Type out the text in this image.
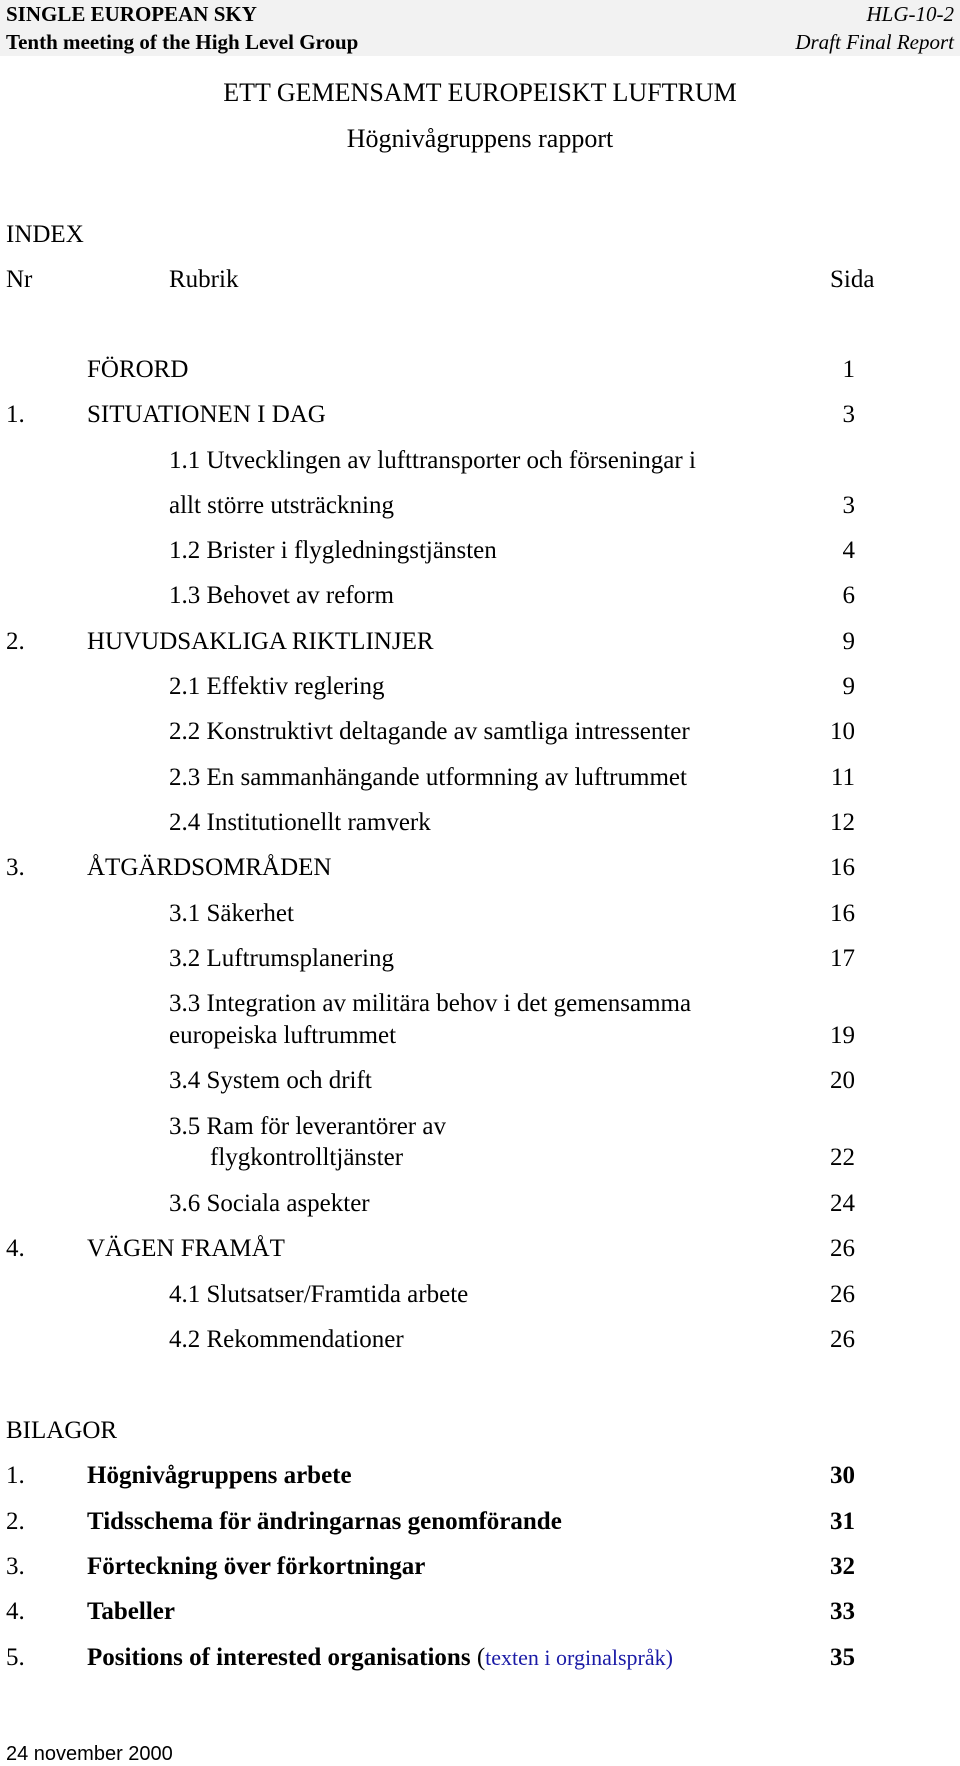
SINGLE EUROPEAN SKY
Tenth meeting of the High Level Group
HLG-10-2
Draft Final Report
ETT GEMENSAMT EUROPEISKT LUFTRUM
Högnivågruppens rapport
INDEX
Nr	Rubrik	Sida
FÖRORD	1
1. SITUATIONEN I DAG	3
1.1 Utvecklingen av lufttransporter och förseningar i
allt större utsträckning	3
1.2 Brister i flygledningstjänsten	4
1.3 Behovet av reform	6
2. HUVUDSAKLIGA RIKTLINJER	9
2.1 Effektiv reglering	9
2.2 Konstruktivt deltagande av samtliga intressenter	10
2.3 En sammanhängande utformning av luftrummet	11
2.4 Institutionellt ramverk	12
3. ÅTGÄRDSOMRÅDEN	16
3.1 Säkerhet	16
3.2 Luftrumsplanering	17
3.3 Integration av militära behov i det gemensamma
europeiska luftrummet	19
3.4 System och drift	20
3.5 Ram för leverantörer av
flygkontrolltjänster	22
3.6 Sociala aspekter	24
4. VÄGEN FRAMÅT	26
4.1 Slutsatser/Framtida arbete	26
4.2 Rekommendationer	26
BILAGOR
1. Högnivågruppens arbete	30
2. Tidsschema för ändringarnas genomförande	31
3. Förteckning över förkortningar	32
4. Tabeller	33
5. Positions of interested organisations (texten i orginalspråk)	35
24 november 2000
